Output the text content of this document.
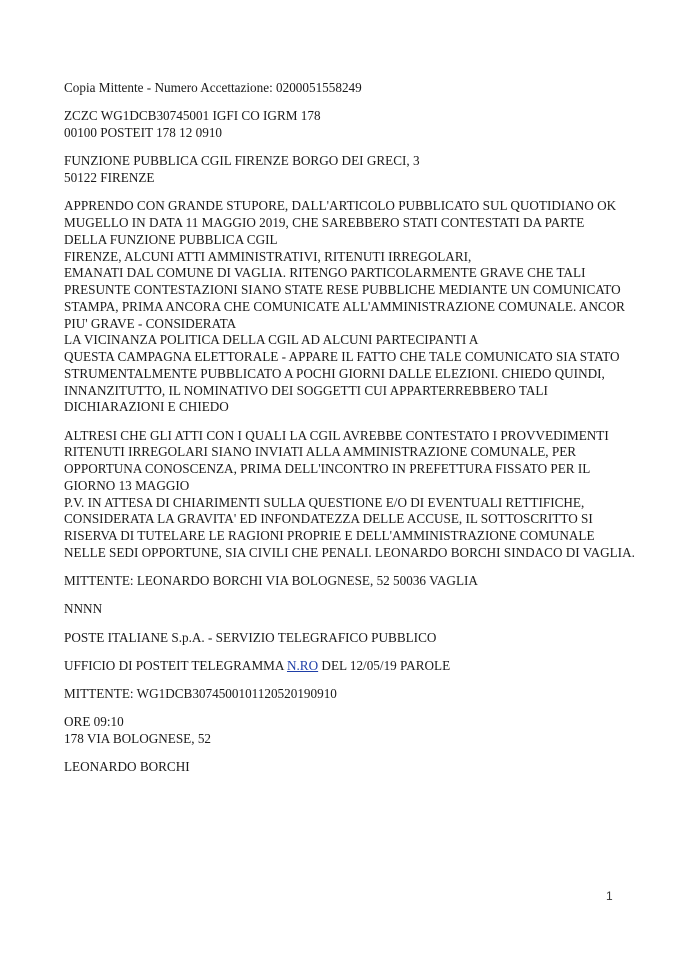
Copia Mittente - Numero Accettazione: 0200051558249

ZCZC WG1DCB30745001 IGFI CO IGRM 178
00100 POSTEIT 178 12 0910

FUNZIONE PUBBLICA CGIL FIRENZE BORGO DEI GRECI, 3
50122 FIRENZE

APPRENDO CON GRANDE STUPORE, DALL'ARTICOLO PUBBLICATO SUL QUOTIDIANO OK
MUGELLO IN DATA 11 MAGGIO 2019, CHE SAREBBERO STATI CONTESTATI DA PARTE
DELLA FUNZIONE PUBBLICA CGIL
FIRENZE, ALCUNI ATTI AMMINISTRATIVI, RITENUTI IRREGOLARI,
EMANATI DAL COMUNE DI VAGLIA. RITENGO PARTICOLARMENTE GRAVE CHE TALI
PRESUNTE CONTESTAZIONI SIANO STATE RESE PUBBLICHE MEDIANTE UN COMUNICATO
STAMPA, PRIMA ANCORA CHE COMUNICATE ALL'AMMINISTRAZIONE COMUNALE. ANCOR
PIU' GRAVE - CONSIDERATA
LA VICINANZA POLITICA DELLA CGIL AD ALCUNI PARTECIPANTI A
QUESTA CAMPAGNA ELETTORALE - APPARE IL FATTO CHE TALE COMUNICATO SIA STATO
STRUMENTALMENTE PUBBLICATO A POCHI GIORNI DALLE ELEZIONI. CHIEDO QUINDI,
INNANZITUTTO, IL NOMINATIVO DEI SOGGETTI CUI APPARTERREBBERO TALI
DICHIARAZIONI E CHIEDO

ALTRESI CHE GLI ATTI CON I QUALI LA CGIL AVREBBE CONTESTATO I PROVVEDIMENTI
RITENUTI IRREGOLARI SIANO INVIATI ALLA AMMINISTRAZIONE COMUNALE, PER
OPPORTUNA CONOSCENZA, PRIMA DELL'INCONTRO IN PREFETTURA FISSATO PER IL
GIORNO 13 MAGGIO
P.V. IN ATTESA DI CHIARIMENTI SULLA QUESTIONE E/O DI EVENTUALI RETTIFICHE,
CONSIDERATA LA GRAVITA' ED INFONDATEZZA DELLE ACCUSE, IL SOTTOSCRITTO SI
RISERVA DI TUTELARE LE RAGIONI PROPRIE E DELL'AMMINISTRAZIONE COMUNALE
NELLE SEDI OPPORTUNE, SIA CIVILI CHE PENALI. LEONARDO BORCHI SINDACO DI VAGLIA.

MITTENTE: LEONARDO BORCHI VIA BOLOGNESE, 52 50036 VAGLIA

NNNN

POSTE ITALIANE S.p.A. - SERVIZIO TELEGRAFICO PUBBLICO

UFFICIO DI POSTEIT TELEGRAMMA N.RO DEL 12/05/19 PAROLE

MITTENTE: WG1DCB3074500101120520190910

ORE 09:10
178 VIA BOLOGNESE, 52

LEONARDO BORCHI

1
